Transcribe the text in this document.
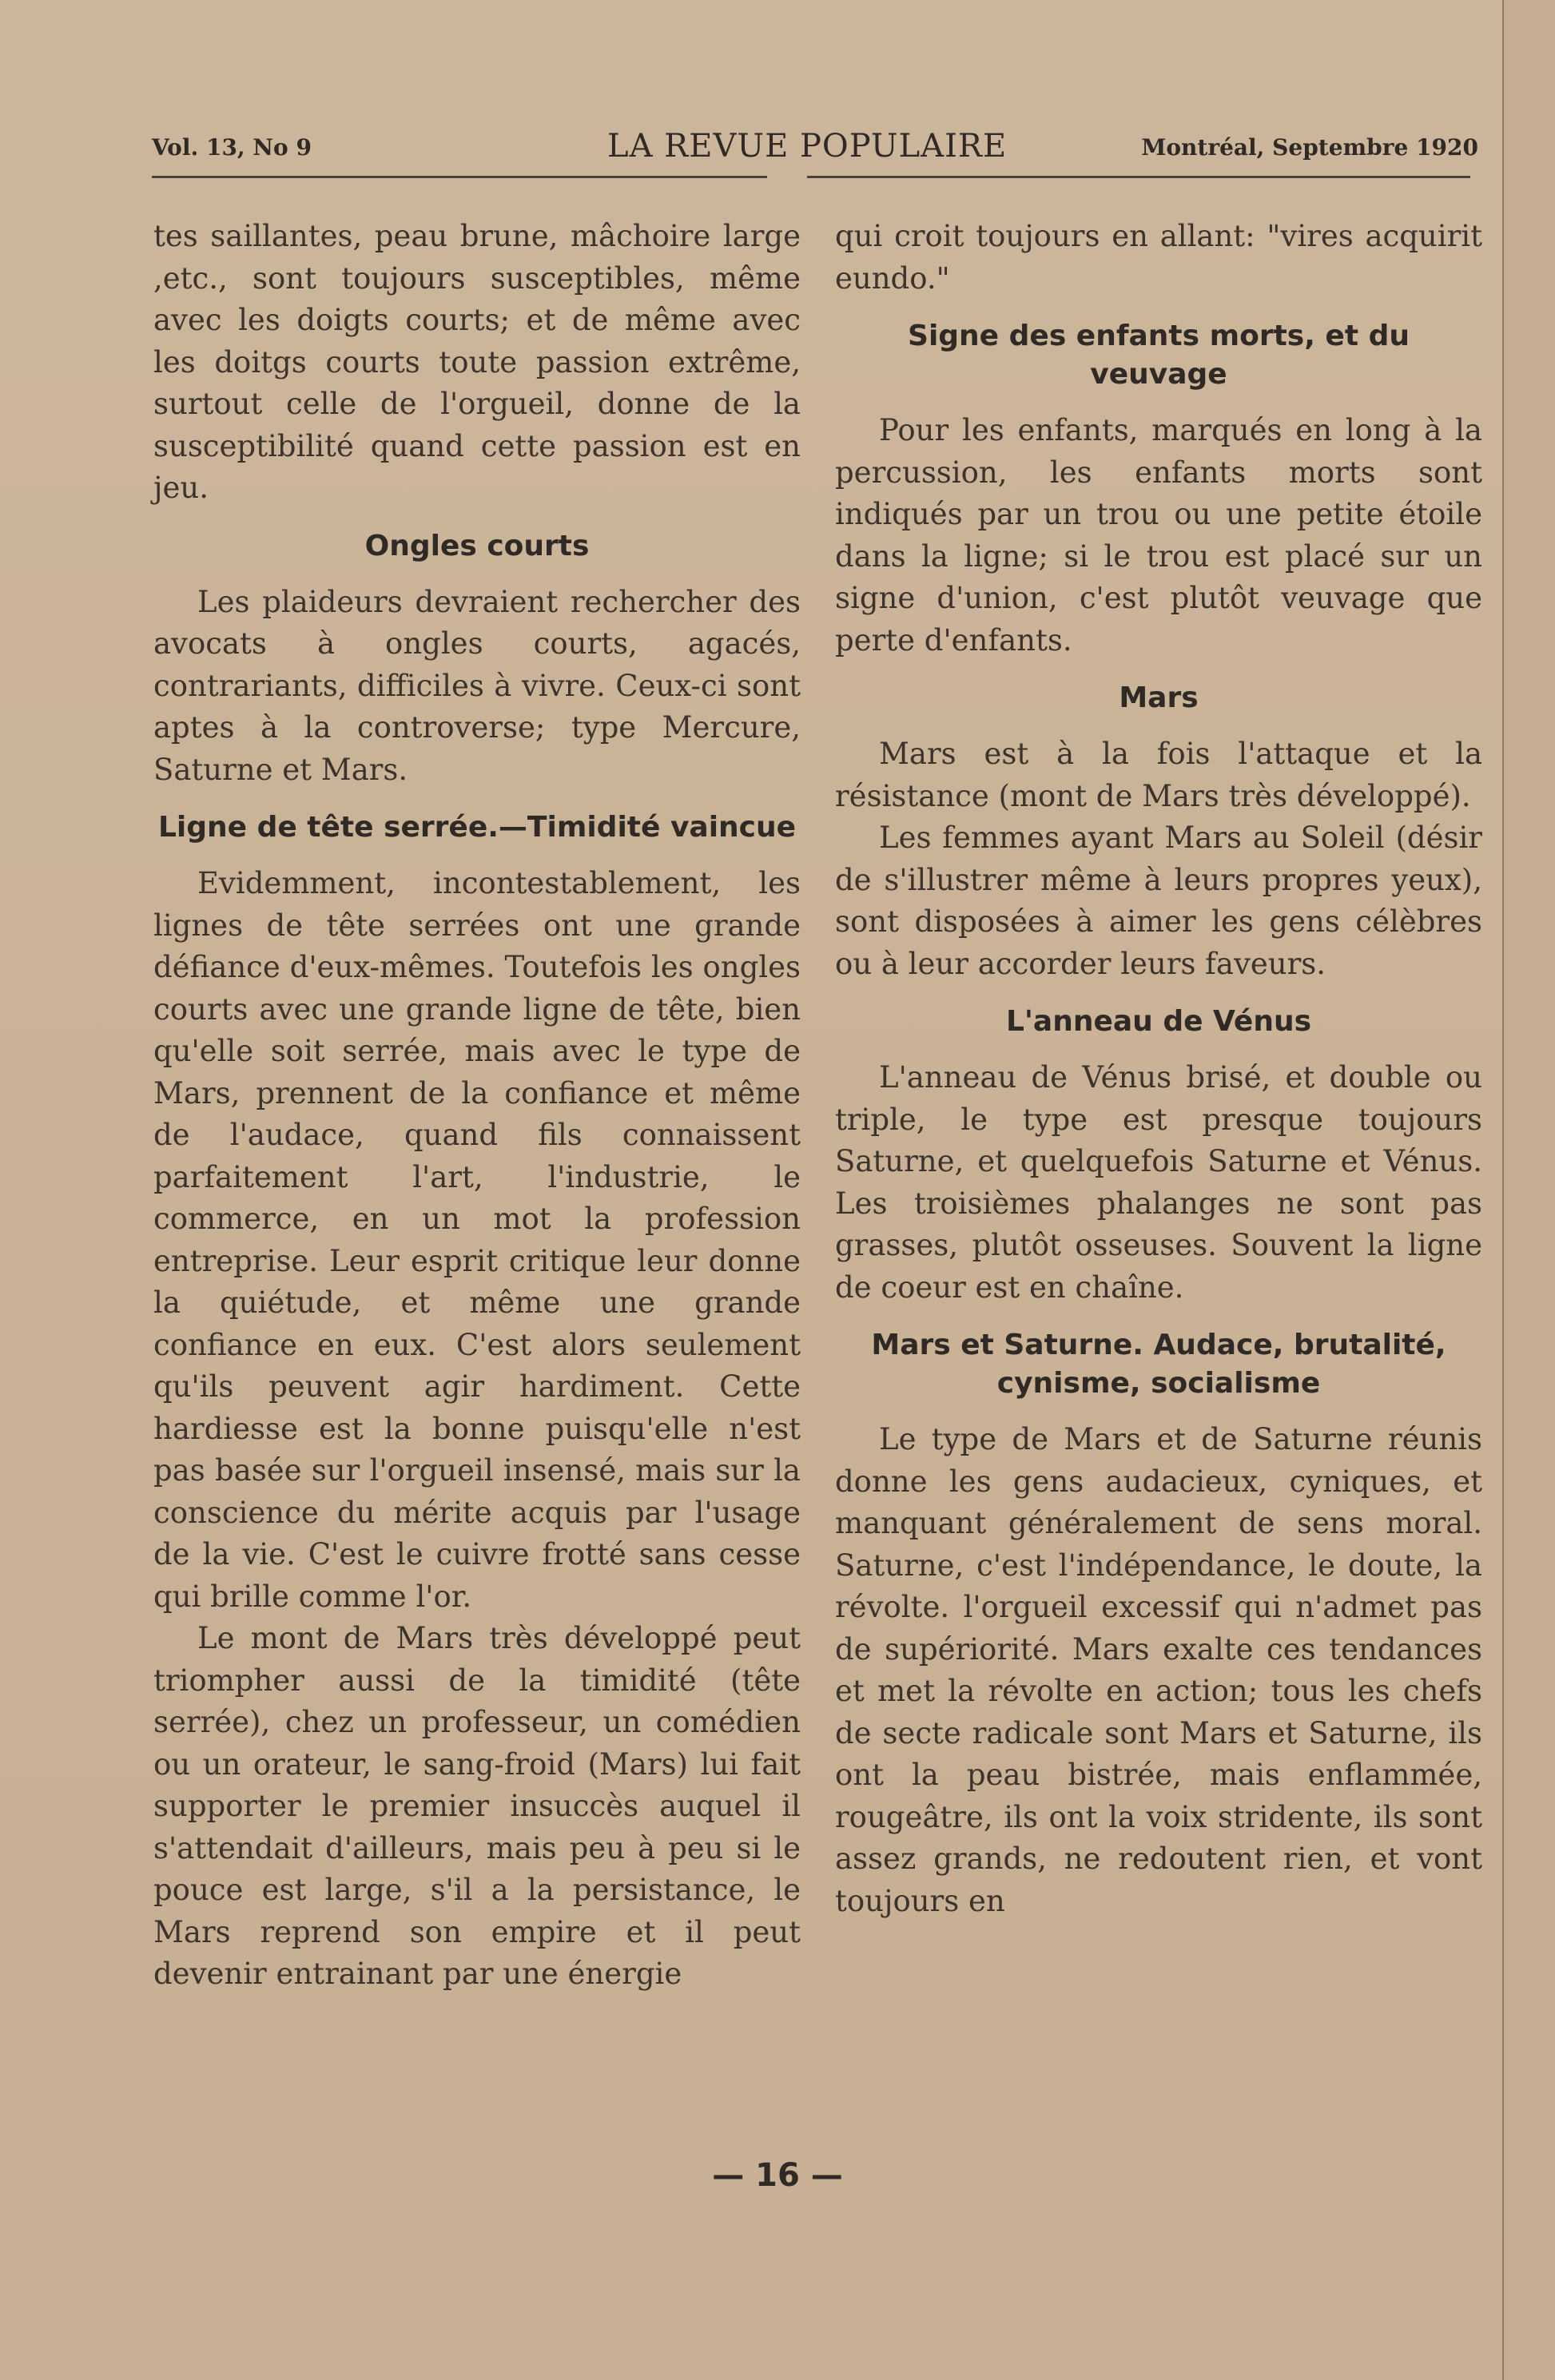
Vol. 13, No 9	LA REVUE POPULAIRE	Montréal, Septembre 1920

tes saillantes, peau brune, mâchoire large ,etc., sont toujours susceptibles, même avec les doigts courts; et de même avec les doitgs courts toute passion extrême, surtout celle de l'orgueil, donne de la susceptibilité quand cette passion est en jeu.

Ongles courts

Les plaideurs devraient rechercher des avocats à ongles courts, agacés, contrariants, difficiles à vivre. Ceux-ci sont aptes à la controverse; type Mercure, Saturne et Mars.

Ligne de tête serrée.—Timidité vaincue

Evidemment, incontestablement, les lignes de tête serrées ont une grande défiance d'eux-mêmes. Toutefois les ongles courts avec une grande ligne de tête, bien qu'elle soit serrée, mais avec le type de Mars, prennent de la confiance et même de l'audace, quand fils connaissent parfaitement l'art, l'industrie, le commerce, en un mot la profession entreprise. Leur esprit critique leur donne la quiétude, et même une grande confiance en eux. C'est alors seulement qu'ils peuvent agir hardiment. Cette hardiesse est la bonne puisqu'elle n'est pas basée sur l'orgueil insensé, mais sur la conscience du mérite acquis par l'usage de la vie. C'est le cuivre frotté sans cesse qui brille comme l'or.

Le mont de Mars très développé peut triompher aussi de la timidité (tête serrée), chez un professeur, un comédien ou un orateur, le sang-froid (Mars) lui fait supporter le premier insuccès auquel il s'attendait d'ailleurs, mais peu à peu si le pouce est large, s'il a la persistance, le Mars reprend son empire et il peut devenir entrainant par une énergie

qui croit toujours en allant: "vires acquirit eundo."

Signe des enfants morts, et du veuvage

Pour les enfants, marqués en long à la percussion, les enfants morts sont indiqués par un trou ou une petite étoile dans la ligne; si le trou est placé sur un signe d'union, c'est plutôt veuvage que perte d'enfants.

Mars

Mars est à la fois l'attaque et la résistance (mont de Mars très développé).

Les femmes ayant Mars au Soleil (désir de s'illustrer même à leurs propres yeux), sont disposées à aimer les gens célèbres ou à leur accorder leurs faveurs.

L'anneau de Vénus

L'anneau de Vénus brisé, et double ou triple, le type est presque toujours Saturne, et quelquefois Saturne et Vénus. Les troisièmes phalanges ne sont pas grasses, plutôt osseuses. Souvent la ligne de coeur est en chaîne.

Mars et Saturne. Audace, brutalité, cynisme, socialisme

Le type de Mars et de Saturne réunis donne les gens audacieux, cyniques, et manquant généralement de sens moral. Saturne, c'est l'indépendance, le doute, la révolte. l'orgueil excessif qui n'admet pas de supériorité. Mars exalte ces tendances et met la révolte en action; tous les chefs de secte radicale sont Mars et Saturne, ils ont la peau bistrée, mais enflammée, rougeâtre, ils ont la voix stridente, ils sont assez grands, ne redoutent rien, et vont toujours en

— 16 —
